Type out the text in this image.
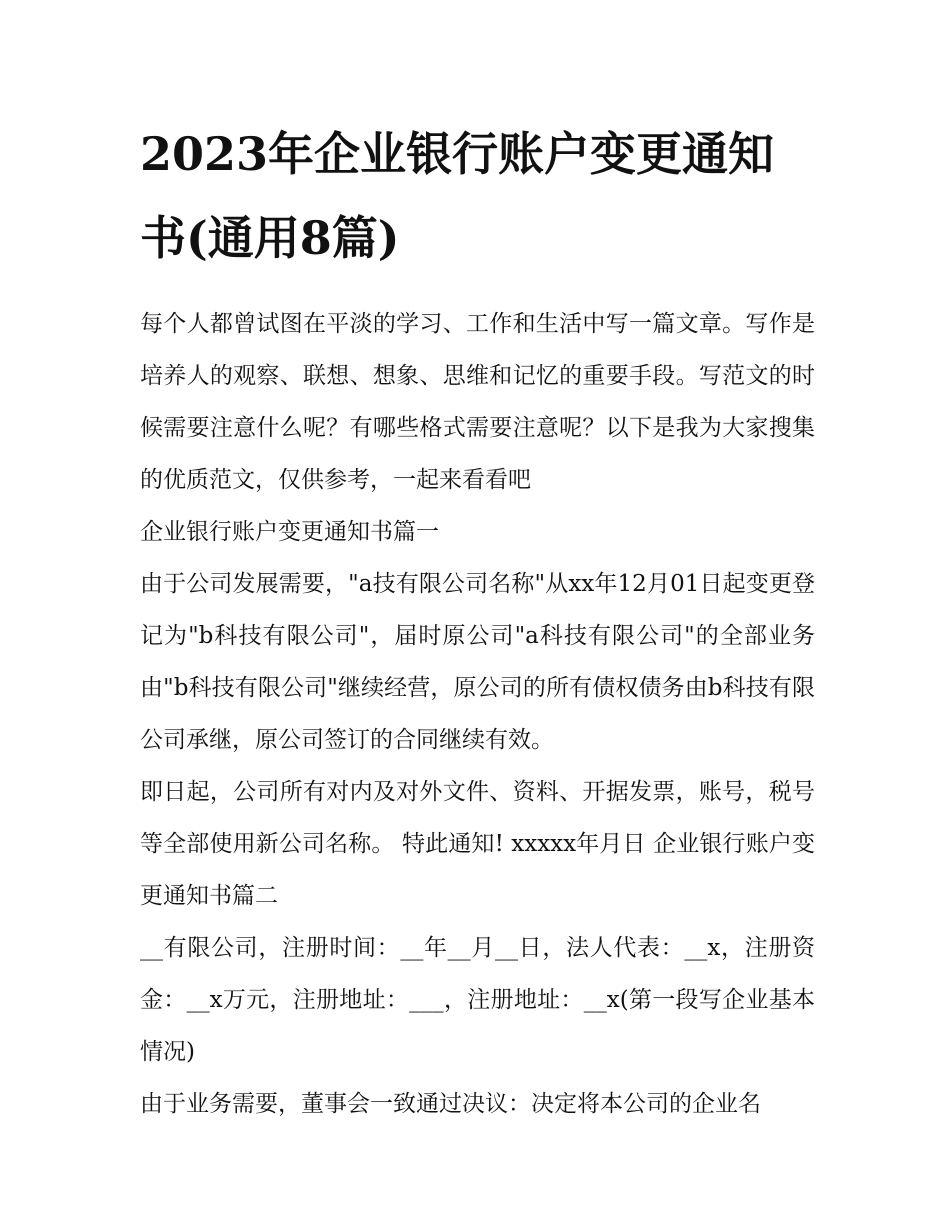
2023年企业银行账户变更通知书(通用8篇)

每个人都曾试图在平淡的学习、工作和生活中写一篇文章。写作是培养人的观察、联想、想象、思维和记忆的重要手段。写范文的时候需要注意什么呢？有哪些格式需要注意呢？以下是我为大家搜集的优质范文，仅供参考，一起来看看吧

企业银行账户变更通知书篇一

由于公司发展需要，"a技有限公司名称"从xx年12月01日起变更登记为"b科技有限公司"，届时原公司"a科技有限公司"的全部业务由"b科技有限公司"继续经营，原公司的所有债权债务由b科技有限公司承继，原公司签订的合同继续有效。

即日起，公司所有对内及对外文件、资料、开据发票，账号，税号等全部使用新公司名称。 特此通知! xxxxx年月日 企业银行账户变更通知书篇二

__有限公司，注册时间：__年__月__日，法人代表：__x，注册资金：__x万元，注册地址：___，注册地址：__x(第一段写企业基本情况)

由于业务需要，董事会一致通过决议：决定将本公司的企业名
